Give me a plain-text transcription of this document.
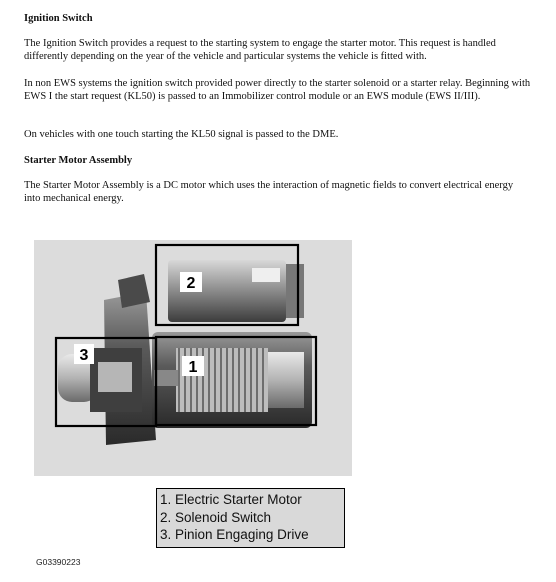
Ignition Switch

The Ignition Switch provides a request to the starting system to engage the starter motor. This request is handled differently depending on the year of the vehicle and particular systems the vehicle is fitted with.

In non EWS systems the ignition switch provided power directly to the starter solenoid or a starter relay. Beginning with EWS I the start request (KL50) is passed to an Immobilizer control module or an EWS module (EWS II/III).

On vehicles with one touch starting the KL50 signal is passed to the DME.

Starter Motor Assembly

The Starter Motor Assembly is a DC motor which uses the interaction of magnetic fields to convert electrical energy into mechanical energy.

2
1
3
1. Electric Starter Motor
2. Solenoid Switch
3. Pinion Engaging Drive
G03390223
